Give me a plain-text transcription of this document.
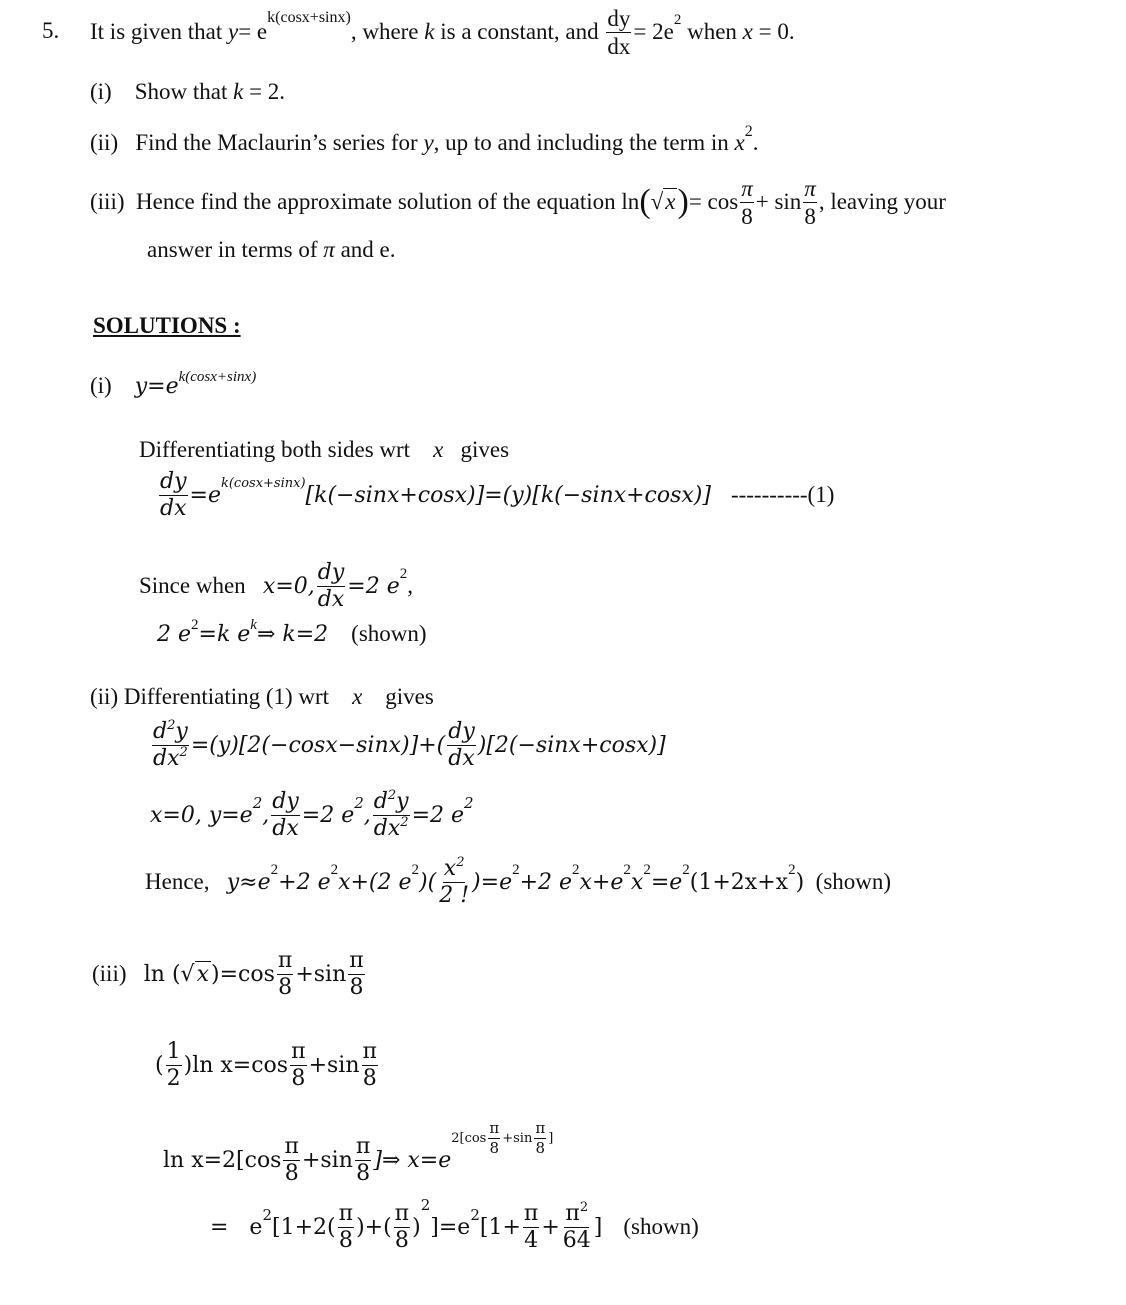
5. It is given that
y = e
k(cosx+sinx)
, where
k
is a constant, and
$\frac{dy}{dx} = 2e$ 2
when
x
= 0.
(i) Show that k = 2.
(ii) Find the Maclaurin’s series for y, up to and including the term in $x^2$.
(iii)
Hence find the approximate solution of the equation
ln ( √x ) = $\cos \frac{\pi}{8} + \sin \frac{\pi}{8}$ , leaving your
answer in terms of π and e.
SOLUTIONS :
(i) $y=e^{k(cosx+sinx)}$
Differentiating both sides wrt x gives
$\frac{dy}{dx} =e$ k(cosx+sinx) [k(−sinx+cosx)]=(y)[k(−sinx+cosx)] ----------(1)
Since when
x=0, $\frac{dy}{dx} =2$ e 2 ,
2 $e^2=k$ $e^k\Rightarrow$ k=2 (shown)
(ii) Differentiating (1) wrt x gives
$\frac{d^2y}{dx^2} =(y)[2(-\cos x-\sin x)]+( \frac{dy}{dx} )[2(-\sin x+\cos x)]$
x=0, y=e 2 , $\frac{dy}{dx} =2$ e 2 , $\frac{d^2y}{dx^2} =2$ e 2
Hence,
y≈e 2 +2 e 2 x+(2 e 2 )( $\frac{x^2}{2 !} )=e$ 2 +2 e 2 x+e 2 x 2 =e 2 (1+2x+x 2 )
(shown)
(iii)
ln ( √x )$=\cos \frac{\pi}{8} +\sin \frac{\pi}{8}$
( $\frac{1}{2}$ ) $\ln x=\cos \frac{\pi}{8} +\sin \frac{\pi}{8}$
$\ln x=2[\cos \frac{\pi}{8} +\sin \frac{\pi}{8}$ ]⇒ x=e
$2[\cos \frac{\pi}{8} +\sin \frac{\pi}{8}$ ]
=
e 2 [$1+2( \frac{\pi}{8}$ )+( $\frac{\pi}{8}$ )
2
]=e 2 [$1+ \frac{\pi}{4} + \frac{\pi^2}{64}$ ]
(shown)
